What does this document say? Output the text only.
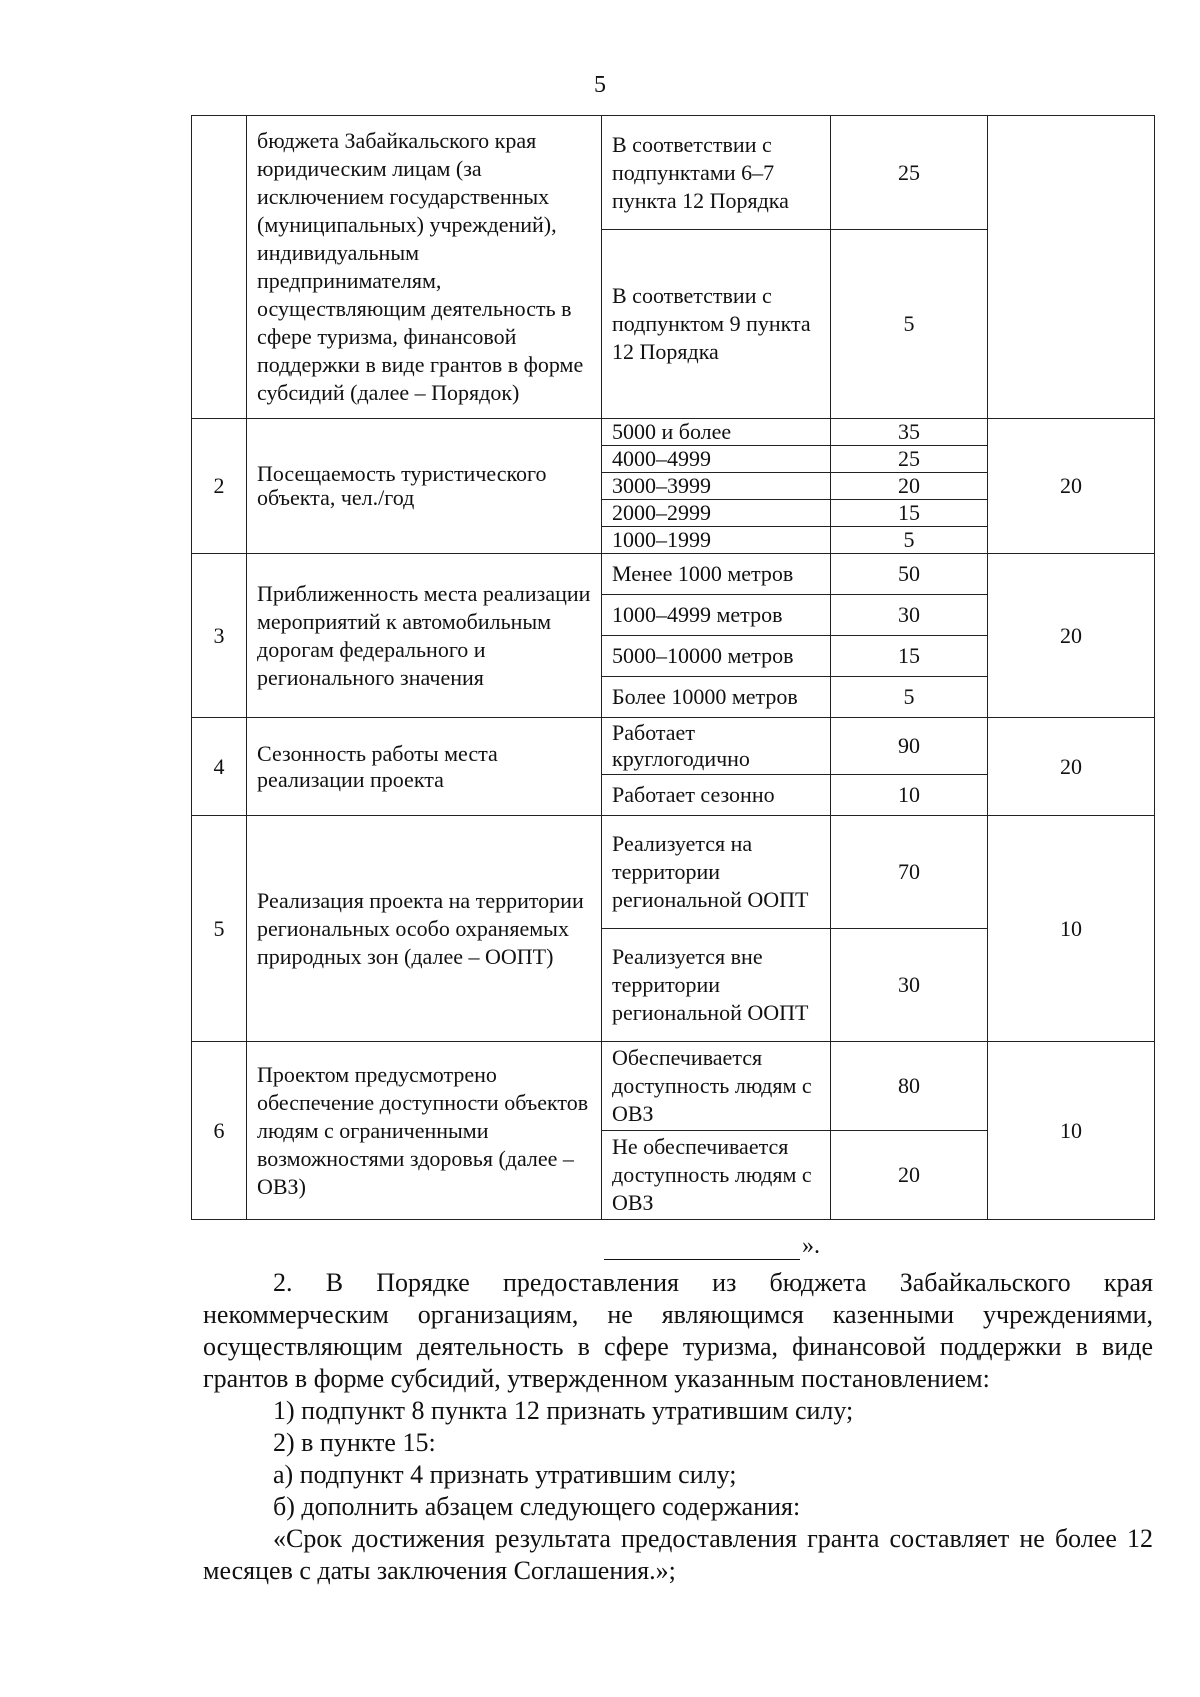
5
	бюджета Забайкальского края юридическим лицам (за исключением государственных (муниципальных) учреждений), индивидуальным предпринимателям, осуществляющим деятельность в сфере туризма, финансовой поддержки в виде грантов в форме субсидий (далее – Порядок)	В соответствии с подпунктами 6–7 пункта 12 Порядка	25	
		В соответствии с подпунктом 9 пункта 12 Порядка	5	
2	Посещаемость туристического объекта, чел./год	5000 и более	35	20
		4000–4999	25	
		3000–3999	20	
		2000–2999	15	
		1000–1999	5	
3	Приближенность места реализации мероприятий к автомобильным дорогам федерального и регионального значения	Менее 1000 метров	50	20
		1000–4999 метров	30	
		5000–10000 метров	15	
		Более 10000 метров	5	
4	Сезонность работы места реализации проекта	Работает круглогодично	90	20
		Работает сезонно	10	
5	Реализация проекта на территории региональных особо охраняемых природных зон (далее – ООПТ)	Реализуется на территории региональной ООПТ	70	10
		Реализуется вне территории региональной ООПТ	30	
6	Проектом предусмотрено обеспечение доступности объектов людям с ограниченными возможностями здоровья (далее – ОВЗ)	Обеспечивается доступность людям с ОВЗ	80	10
		Не обеспечивается доступность людям с ОВЗ	20	
».

2. В Порядке предоставления из бюджета Забайкальского края некоммерческим организациям, не являющимся казенными учреждениями, осуществляющим деятельность в сфере туризма, финансовой поддержки в виде грантов в форме субсидий, утвержденном указанным постановлением:

1) подпункт 8 пункта 12 признать утратившим силу;

2) в пункте 15:

а) подпункт 4 признать утратившим силу;

б) дополнить абзацем следующего содержания:

«Срок достижения результата предоставления гранта составляет не более 12 месяцев с даты заключения Соглашения.»;
